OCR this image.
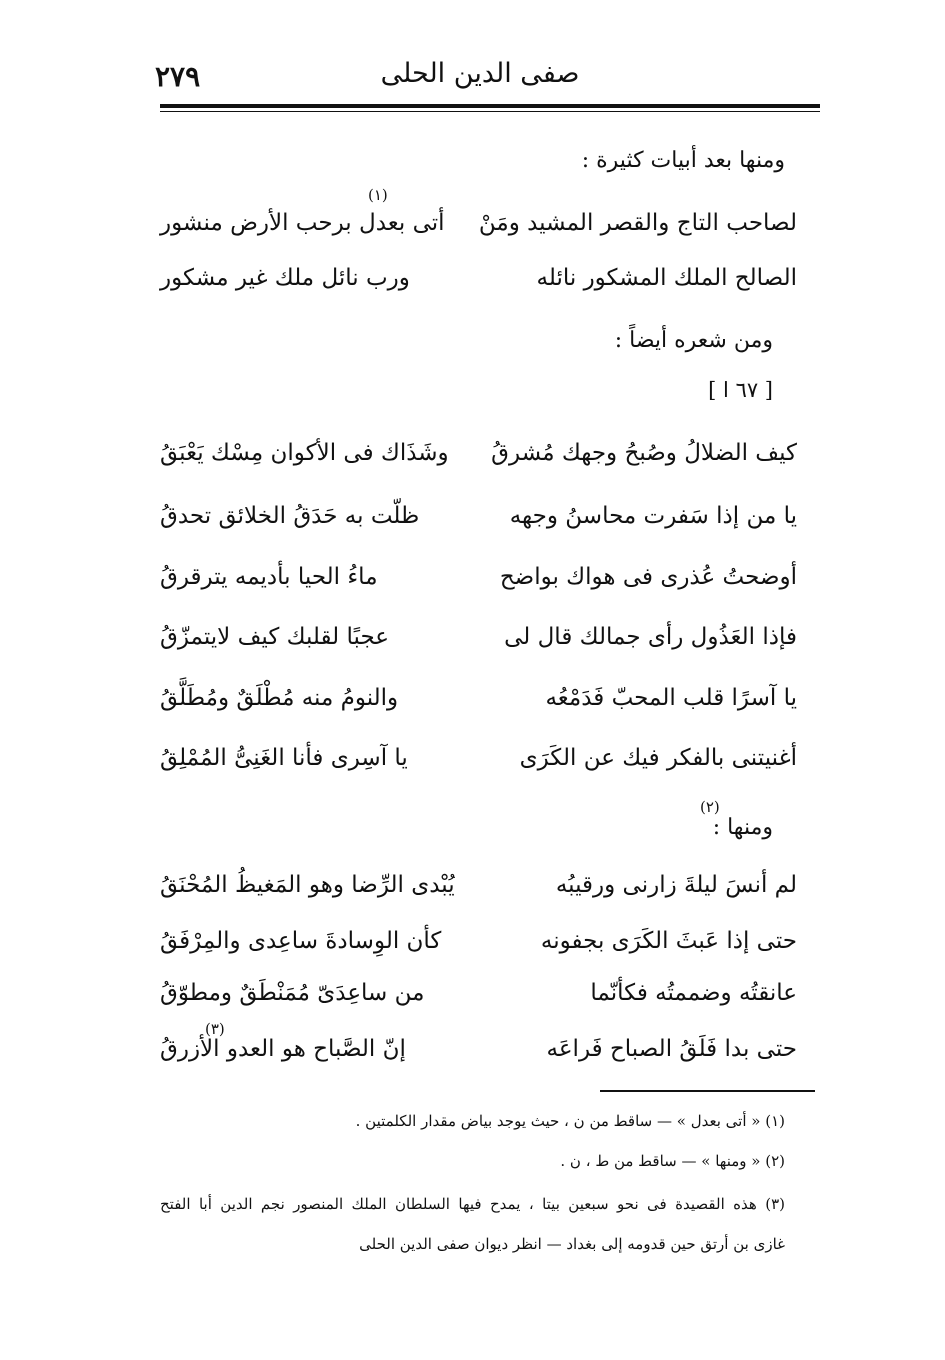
صفى الدين الحلى
٢٧٩
ومنها بعد أبيات كثيرة :
(١)
لصاحب التاج والقصر المشيد ومَنْ
أتى بعدل برحب الأرض منشور
الصالح الملك المشكور نائله
ورب نائل ملك غير مشكور
ومن شعره أيضاً :
[ ٦٧ ا ]
كيف الضلالُ وصُبحُ وجهك مُشرقُ
وشَذَاك فى الأكوان مِسْك يَعْبَقُ
يا من إذا سَفرت محاسنُ وجهه
ظلّت به حَدَقُ الخلائق تحدقُ
أوضحتُ عُذرى فى هواك بواضح
ماءُ الحيا بأديمه يترقرقُ
فإذا العَذُول رأى جمالك قال لى
عجبًا لقلبك كيف لايتمزّقُ
يا آسرًا قلب المحبّ فَدَمْعُه
والنومُ منه مُطْلَقٌ ومُطَلَّقُ
أغنيتنى بالفكر فيك عن الكَرَى
يا آسِرى فأنا الغَنِىُّ المُمْلِقُ
(٢)
ومنها :
لم أنسَ ليلةَ زارنى ورقيبُه
يُبْدى الرِّضا وهو المَغيظُ المُحْنَقُ
حتى إذا عَبثَ الكَرَى بجفونه
كأن الوِسادةَ ساعِدى والمِرْفَقُ
عانقتُه وضممتُه فكأنّما
من ساعِدَىّ مُمَنْطَقٌ ومطوّقُ
(٣)
حتى بدا فَلَقُ الصباح فَراعَه
إنّ الصَّباح هو العدو الأزرقُ
(١) « أتى بعدل » — ساقط من ن ، حيث يوجد بياض مقدار الكلمتين .
(٢) « ومنها » — ساقط من ط ، ن .
(٣) هذه القصيدة فى نحو سبعين بيتا ، يمدح فيها السلطان الملك المنصور نجم الدين أبا الفتح
غازى بن أرتق حين قدومه إلى بغداد — انظر ديوان صفى الدين الحلى
